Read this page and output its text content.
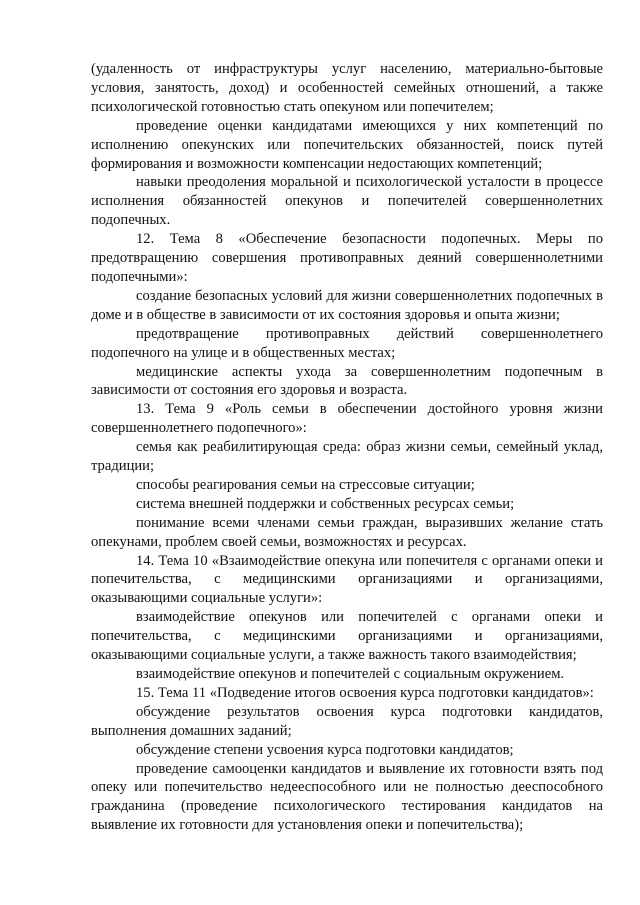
(удаленность от инфраструктуры услуг населению, материально-бытовые условия, занятость, доход) и особенностей семейных отношений, а также психологической готовностью стать опекуном или попечителем;

проведение оценки кандидатами имеющихся у них компетенций по исполнению опекунских или попечительских обязанностей, поиск путей формирования и возможности компенсации недостающих компетенций;

навыки преодоления моральной и психологической усталости в процессе исполнения обязанностей опекунов и попечителей совершеннолетних подопечных.

12. Тема 8 «Обеспечение безопасности подопечных. Меры по предотвращению совершения противоправных деяний совершеннолетними подопечными»:

создание безопасных условий для жизни совершеннолетних подопечных в доме и в обществе в зависимости от их состояния здоровья и опыта жизни;

предотвращение противоправных действий совершеннолетнего подопечного на улице и в общественных местах;

медицинские аспекты ухода за совершеннолетним подопечным в зависимости от состояния его здоровья и возраста.

13. Тема 9 «Роль семьи в обеспечении достойного уровня жизни совершеннолетнего подопечного»:

семья как реабилитирующая среда: образ жизни семьи, семейный уклад, традиции;

способы реагирования семьи на стрессовые ситуации;

система внешней поддержки и собственных ресурсах семьи;

понимание всеми членами семьи граждан, выразивших желание стать опекунами, проблем своей семьи, возможностях и ресурсах.

14. Тема 10 «Взаимодействие опекуна или попечителя с органами опеки и попечительства, с медицинскими организациями и организациями, оказывающими социальные услуги»:

взаимодействие опекунов или попечителей с органами опеки и попечительства, с медицинскими организациями и организациями, оказывающими социальные услуги, а также важность такого взаимодействия;

взаимодействие опекунов и попечителей с социальным окружением.

15. Тема 11 «Подведение итогов освоения курса подготовки кандидатов»:

обсуждение результатов освоения курса подготовки кандидатов, выполнения домашних заданий;

обсуждение степени усвоения курса подготовки кандидатов;

проведение самооценки кандидатов и выявление их готовности взять под опеку или попечительство недееспособного или не полностью дееспособного гражданина (проведение психологического тестирования кандидатов на выявление их готовности для установления опеки и попечительства);
